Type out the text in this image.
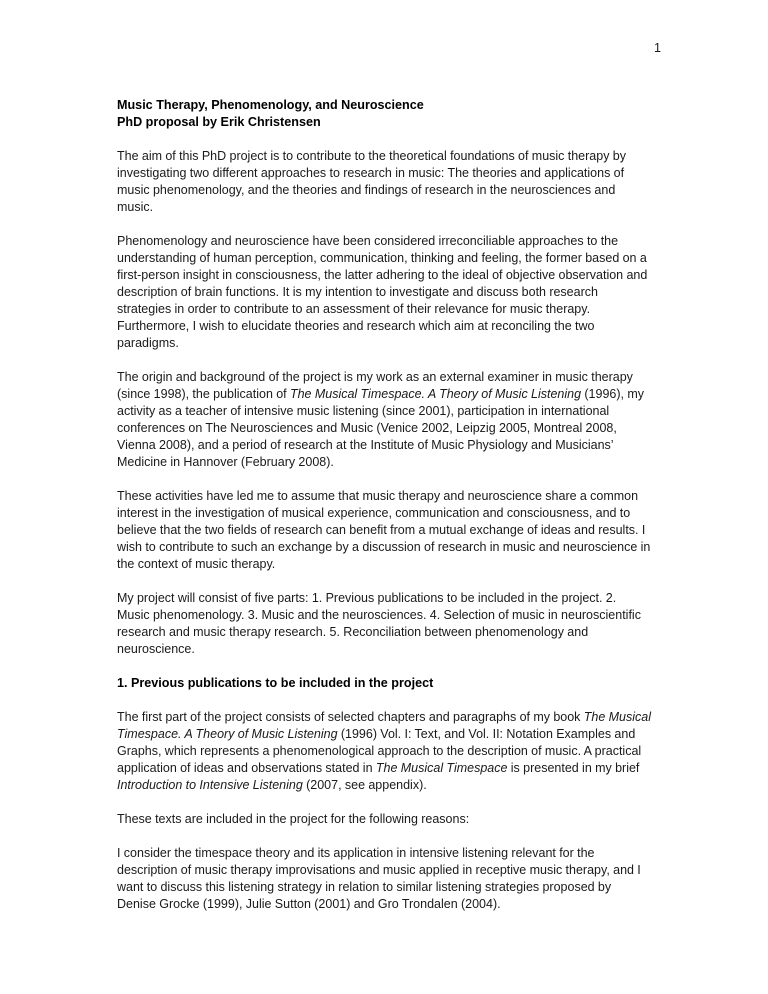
1
Music Therapy, Phenomenology, and Neuroscience
PhD proposal by Erik Christensen

The aim of this PhD project is to contribute to the theoretical foundations of music therapy by investigating two different approaches to research in music: The theories and applications of music phenomenology, and the theories and findings of research in the neurosciences and music.

Phenomenology and neuroscience have been considered irreconciliable approaches to the understanding of human perception, communication, thinking and feeling, the former based on a first-person insight in consciousness, the latter adhering to the ideal of objective observation and description of brain functions. It is my intention to investigate and discuss both research strategies in order to contribute to an assessment of their relevance for music therapy. Furthermore, I wish to elucidate theories and research which aim at reconciling the two paradigms.

The origin and background of the project is my work as an external examiner in music therapy (since 1998), the publication of The Musical Timespace. A Theory of Music Listening (1996), my activity as a teacher of intensive music listening (since 2001), participation in international conferences on The Neurosciences and Music (Venice 2002, Leipzig 2005, Montreal 2008, Vienna 2008), and a period of research at the Institute of Music Physiology and Musicians’ Medicine in Hannover (February 2008).

These activities have led me to assume that music therapy and neuroscience share a common interest in the investigation of musical experience, communication and consciousness, and to believe that the two fields of research can benefit from a mutual exchange of ideas and results. I wish to contribute to such an exchange by a discussion of research in music and neuroscience in the context of music therapy.

My project will consist of five parts: 1. Previous publications to be included in the project. 2. Music phenomenology. 3. Music and the neurosciences. 4. Selection of music in neuroscientific research and music therapy research. 5. Reconciliation between phenomenology and neuroscience.

1. Previous publications to be included in the project

The first part of the project consists of selected chapters and paragraphs of my book The Musical Timespace. A Theory of Music Listening (1996) Vol. I: Text, and Vol. II: Notation Examples and Graphs, which represents a phenomenological approach to the description of music. A practical application of ideas and observations stated in The Musical Timespace is presented in my brief Introduction to Intensive Listening (2007, see appendix).

These texts are included in the project for the following reasons:

I consider the timespace theory and its application in intensive listening relevant for the description of music therapy improvisations and music applied in receptive music therapy, and I want to discuss this listening strategy in relation to similar listening strategies proposed by Denise Grocke (1999), Julie Sutton (2001) and Gro Trondalen (2004).
